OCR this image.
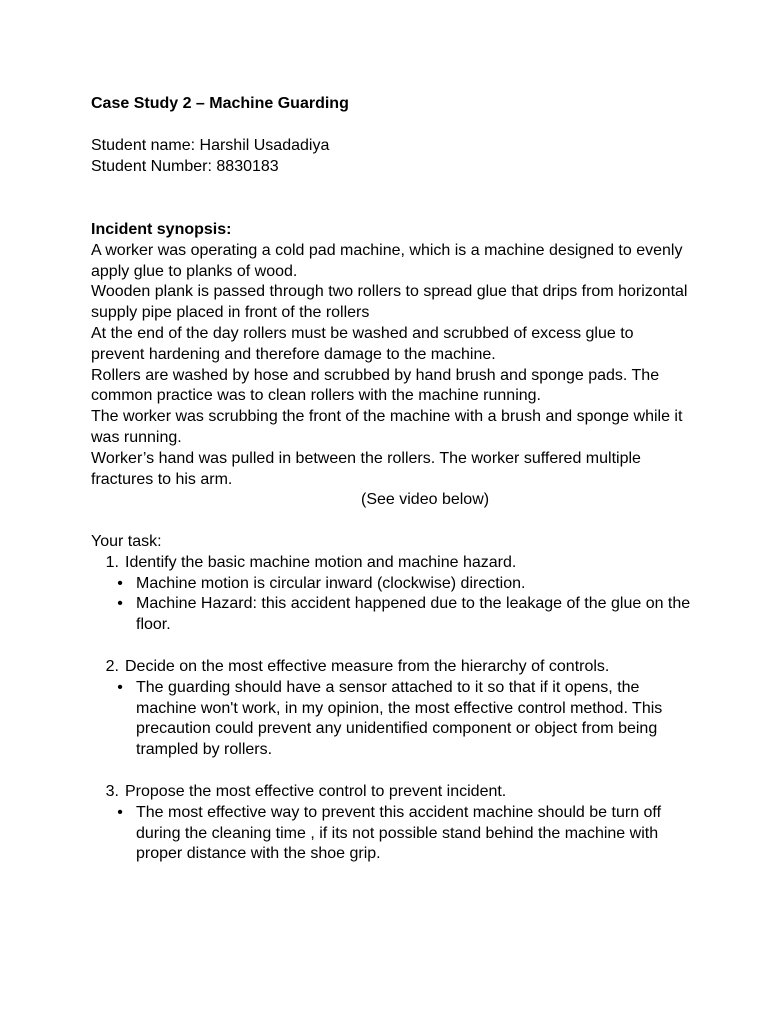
Case Study 2 – Machine Guarding
Student name: Harshil Usadadiya
Student Number: 8830183
Incident synopsis:
A worker was operating a cold pad machine, which is a machine designed to evenly apply glue to planks of wood.
Wooden plank is passed through two rollers to spread glue that drips from horizontal supply pipe placed in front of the rollers
At the end of the day rollers must be washed and scrubbed of excess glue to prevent hardening and therefore damage to the machine.
Rollers are washed by hose and scrubbed by hand brush and sponge pads. The common practice was to clean rollers with the machine running.
The worker was scrubbing the front of the machine with a brush and sponge while it was running.
Worker’s hand was pulled in between the rollers. The worker suffered multiple fractures to his arm.
(See video below)
Your task:
1. Identify the basic machine motion and machine hazard.
• Machine motion is circular inward (clockwise) direction.
• Machine Hazard: this accident happened due to the leakage of the glue on the floor.
2. Decide on the most effective measure from the hierarchy of controls.
• The guarding should have a sensor attached to it so that if it opens, the machine won't work, in my opinion, the most effective control method. This precaution could prevent any unidentified component or object from being trampled by rollers.
3. Propose the most effective control to prevent incident.
• The most effective way to prevent this accident machine should be turn off during the cleaning time , if its not possible stand behind the machine with proper distance with the shoe grip.
